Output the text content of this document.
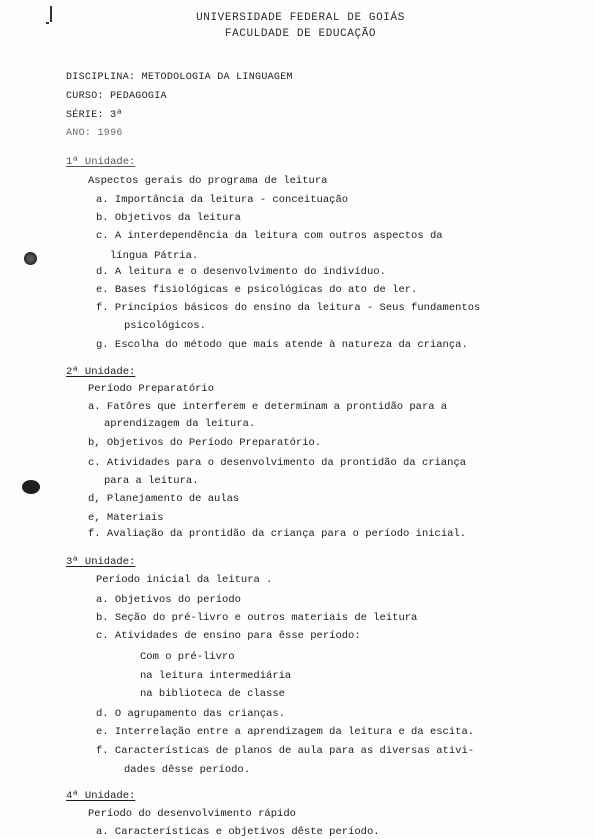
UNIVERSIDADE FEDERAL DE GOIÁS
FACULDADE DE EDUCAÇÃO
DISCIPLINA: METODOLOGIA DA LINGUAGEM
CURSO: PEDAGOGIA
SÉRIE: 3ª
ANO: 1996
1ª Unidade:
Aspectos gerais do programa de leitura
a. Importância da leitura - conceituação
b. Objetivos da leitura
c. A interdependência da leitura com outros aspectos da
língua Pátria.
d. A leitura e o desenvolvimento do indivíduo.
e. Bases fisiológicas e psicológicas do ato de ler.
f. Princípios básicos do ensino da leitura - Seus fundamentos
psicológicos.
g. Escolha do método que mais atende à natureza da criança.
2ª Unidade:
Período Preparatório
a. Fatôres que interferem e determinam a prontidão para a
aprendizagem da leitura.
b, Objetivos do Período Preparatório.
c. Atividades para o desenvolvimento da prontidão da criança
para a leitura.
d, Planejamento de aulas
e, Materiais
f. Avaliação da prontidão da criança para o período inicial.
3ª Unidade:
Período inicial da leitura .
a. Objetivos do período
b. Seção do pré-livro e outros materiais de leitura
c. Atividades de ensino para êsse período:
Com o pré-livro
na leitura intermediária
na biblioteca de classe
d. O agrupamento das crianças.
e. Interrelação entre a aprendizagem da leitura e da escita.
f. Características de planos de aula para as diversas ativi-
dades dêsse período.
4ª Unidade:
Período do desenvolvimento rápido
a. Características e objetivos dêste período.
